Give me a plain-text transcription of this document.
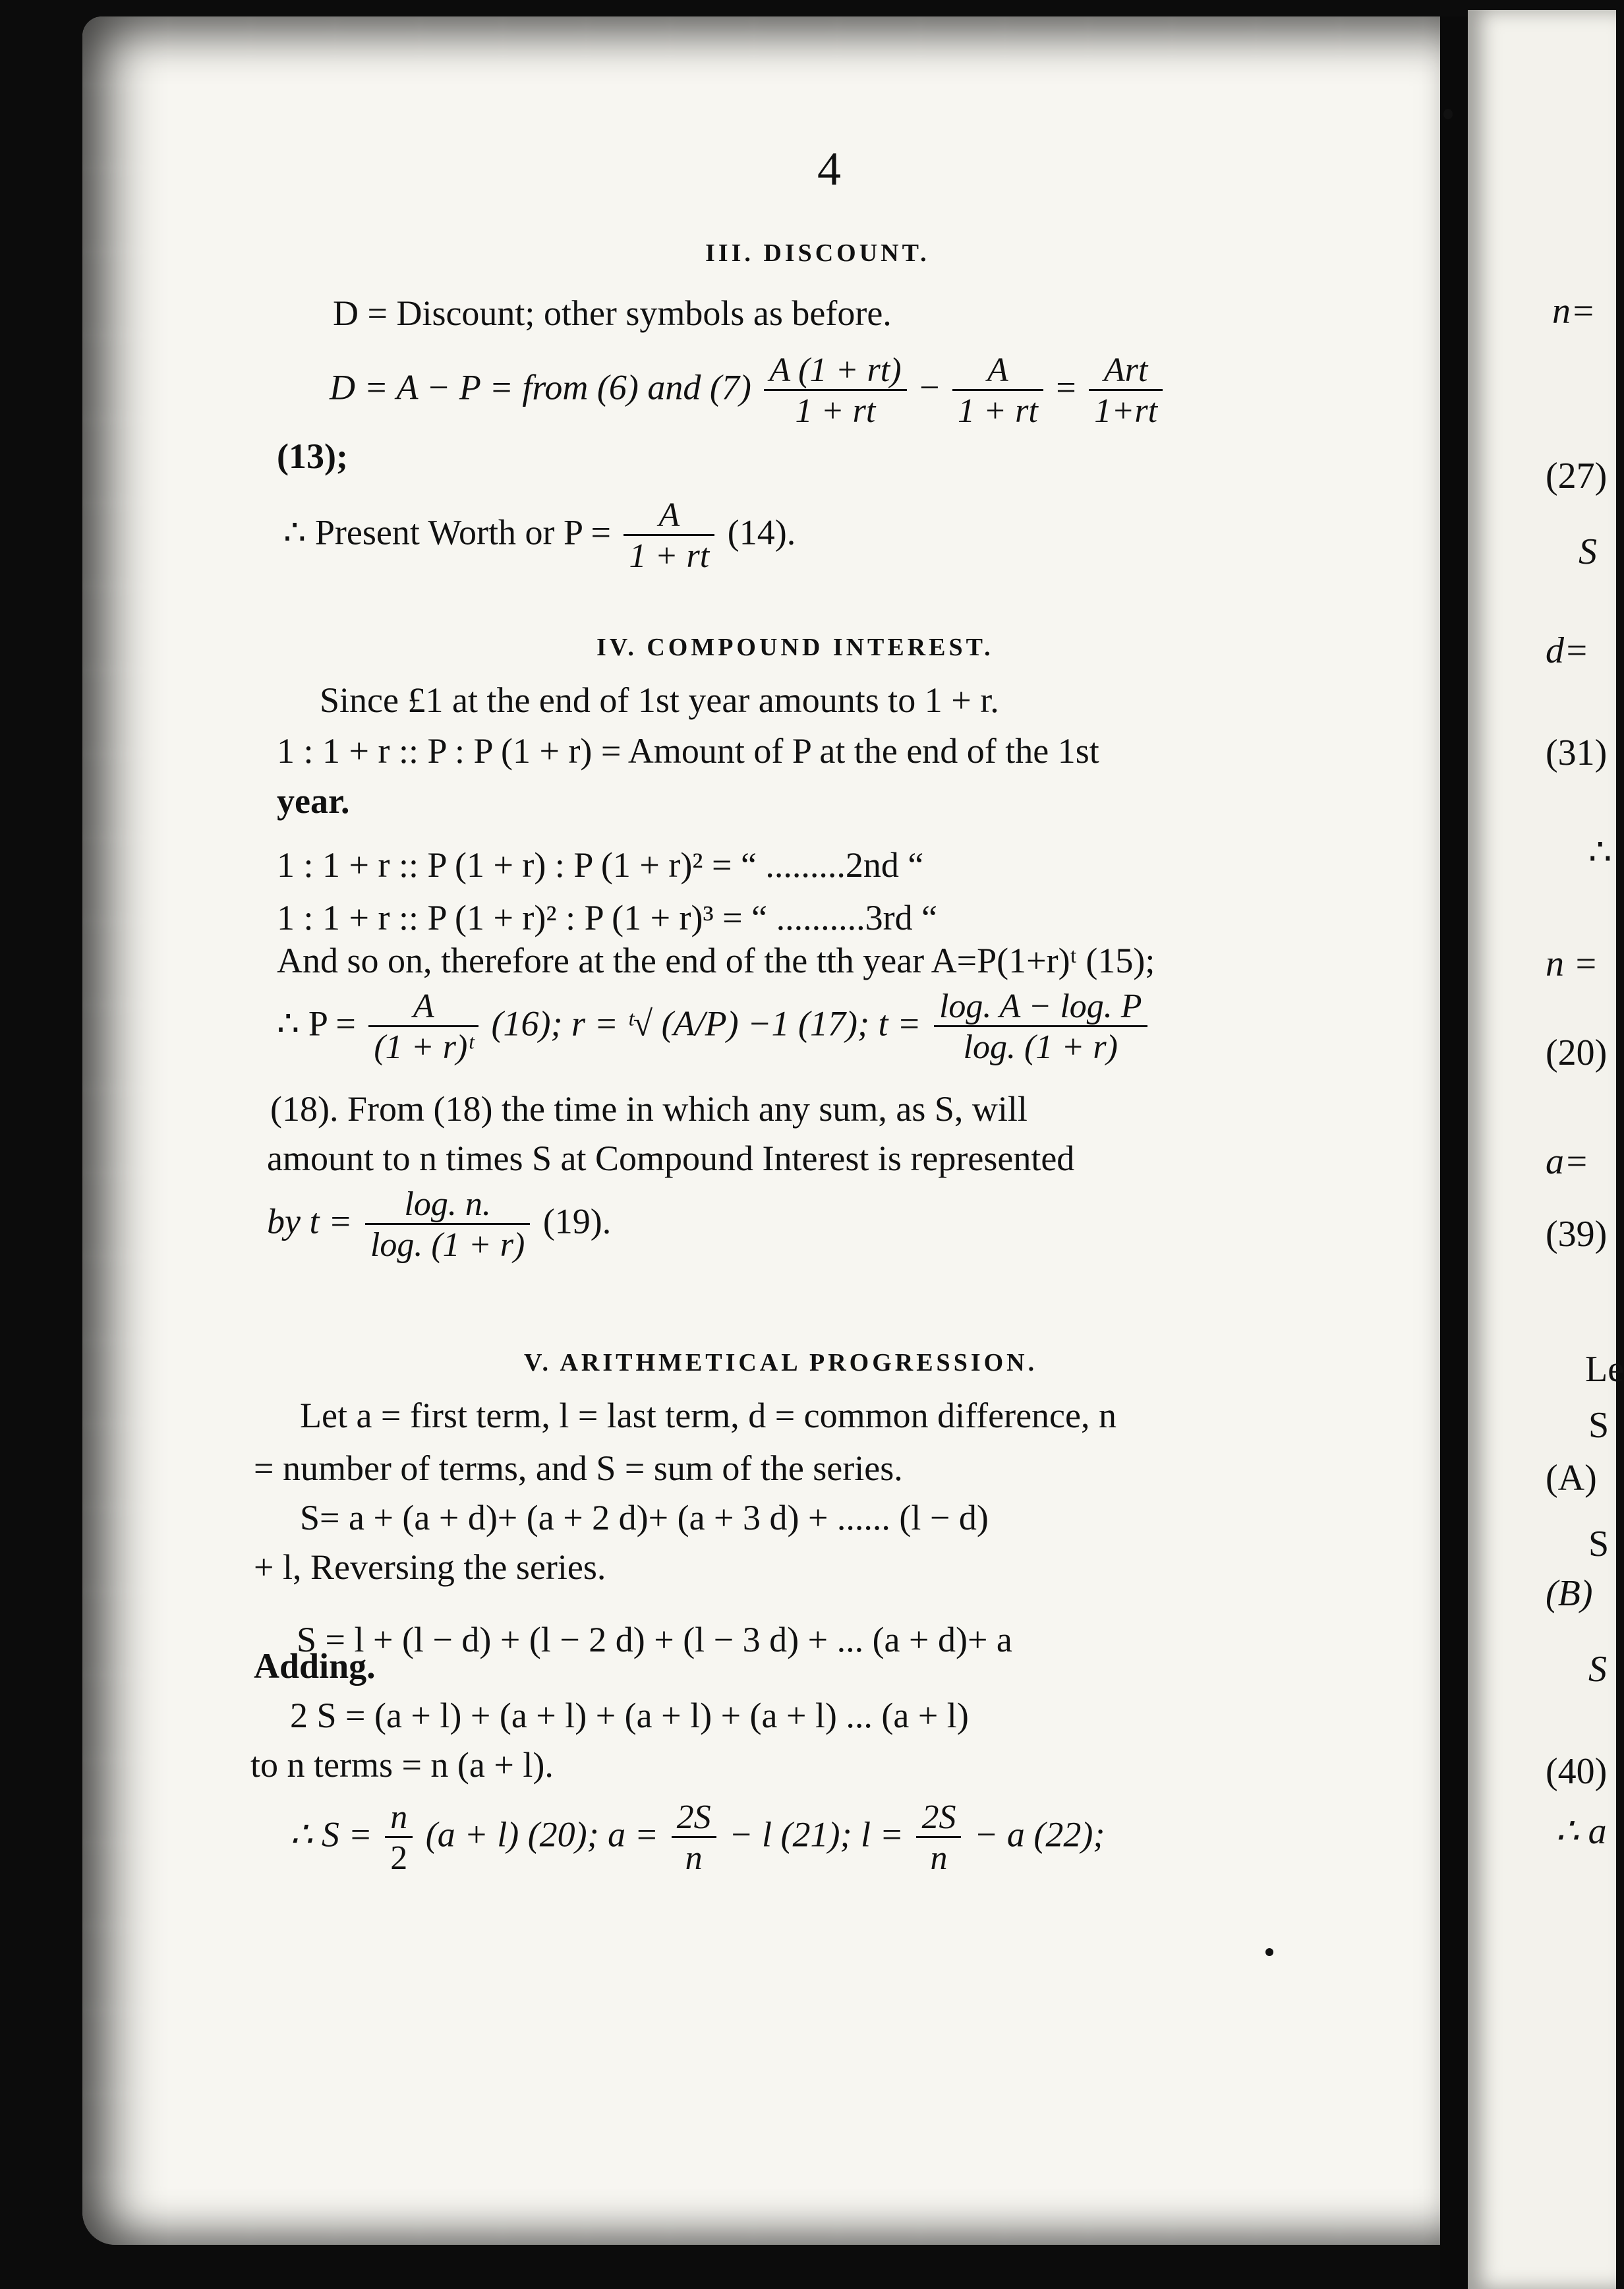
4
III. DISCOUNT.
D = Discount; other symbols as before.
D = A − P = from (6) and $(7) \frac{A (1 + rt)}{1 + rt} - \frac{A}{1 + rt} = \frac{\text{Art}}{1+rt}$
(13);
∴ Present Worth or $P = \frac{A}{1 + rt} (14)$.
IV. COMPOUND INTEREST.
Since £1 at the end of 1st year amounts to 1 + r.
1 : 1 + r :: P : P (1 + r) = Amount of P at the end of the 1st
year.
1 : 1 + r :: P (1 + r) : P (1 + r)² = “ .........2nd “
1 : 1 + r :: P (1 + r)² : P (1 + r)³ = “ ..........3rd “
And so on, therefore at the end of the tth year A=P(1+r)ᵗ (15);
∴ $P = \frac{A}{\text{(1 + r)ᵗ}} (16)$; r = ᵗ√ (A/P) −1 (17); $t = \frac{\log. A - \log. P}{\log. (1 + r)}$
(18). From (18) the time in which any sum, as S, will
amount to n times S at Compound Interest is represented
by $t = \frac{\log. n.}{\log. (1 + r)} (19)$.
V. ARITHMETICAL PROGRESSION.
Let a = first term, l = last term, d = common difference, n
= number of terms, and S = sum of the series.
S= a + (a + d)+ (a + 2 d)+ (a + 3 d) + ...... (l − d)
+ l, Reversing the series.
S = l + (l − d) + (l − 2 d) + (l − 3 d) + ... (a + d)+ a
Adding.
2 S = (a + l) + (a + l) + (a + l) + (a + l) ... (a + l)
to n terms = n (a + l).
∴ $S = \frac{n}{2} (a + l)$ (20); $a = \frac{2S}{n} - l$ (21); $l = \frac{2S}{n} - a$ (22);
n=
(27)
S
d=
(31)
∴
n =
(20)
a=
(39)
Le
S
(A)
S
(B)
S
(40)
∴ a
